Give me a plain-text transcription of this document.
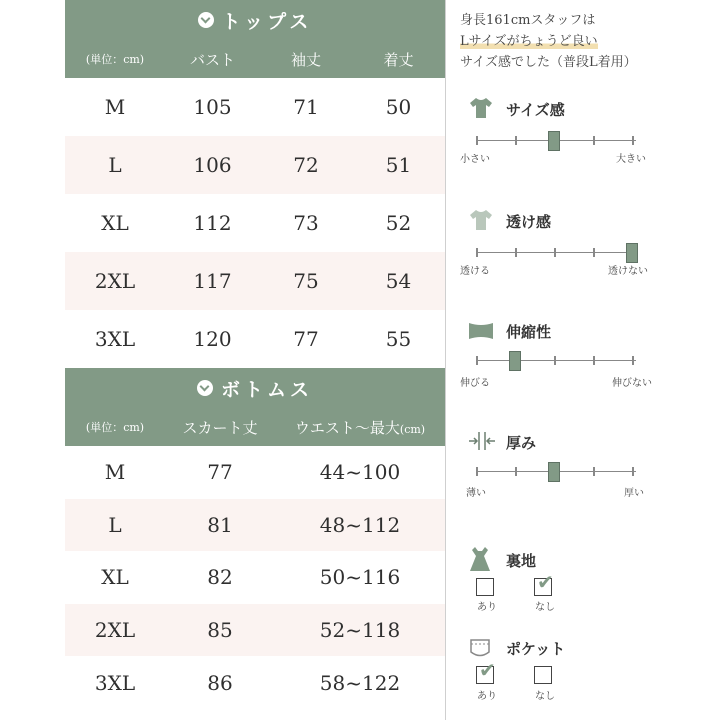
トップス
(単位：cm)	バスト	袖丈	着丈
M	105	71	50
L	106	72	51
XL	112	73	52
2XL	117	75	54
3XL	120	77	55
ボトムス
(単位：cm)	スカート丈	ウエスト〜最大(cm)
M	77	44~100
L	81	48~112
XL	82	50~116
2XL	85	52~118
3XL	86	58~122
身長161cmスタッフは
Lサイズがちょうど良い
サイズ感でした（普段L着用）
サイズ感
小さい	大きい
透け感
透ける	透けない
伸縮性
伸びる	伸びない
厚み
薄い	厚い
裏地
あり
✔
なし
ポケット
✔
あり	なし
